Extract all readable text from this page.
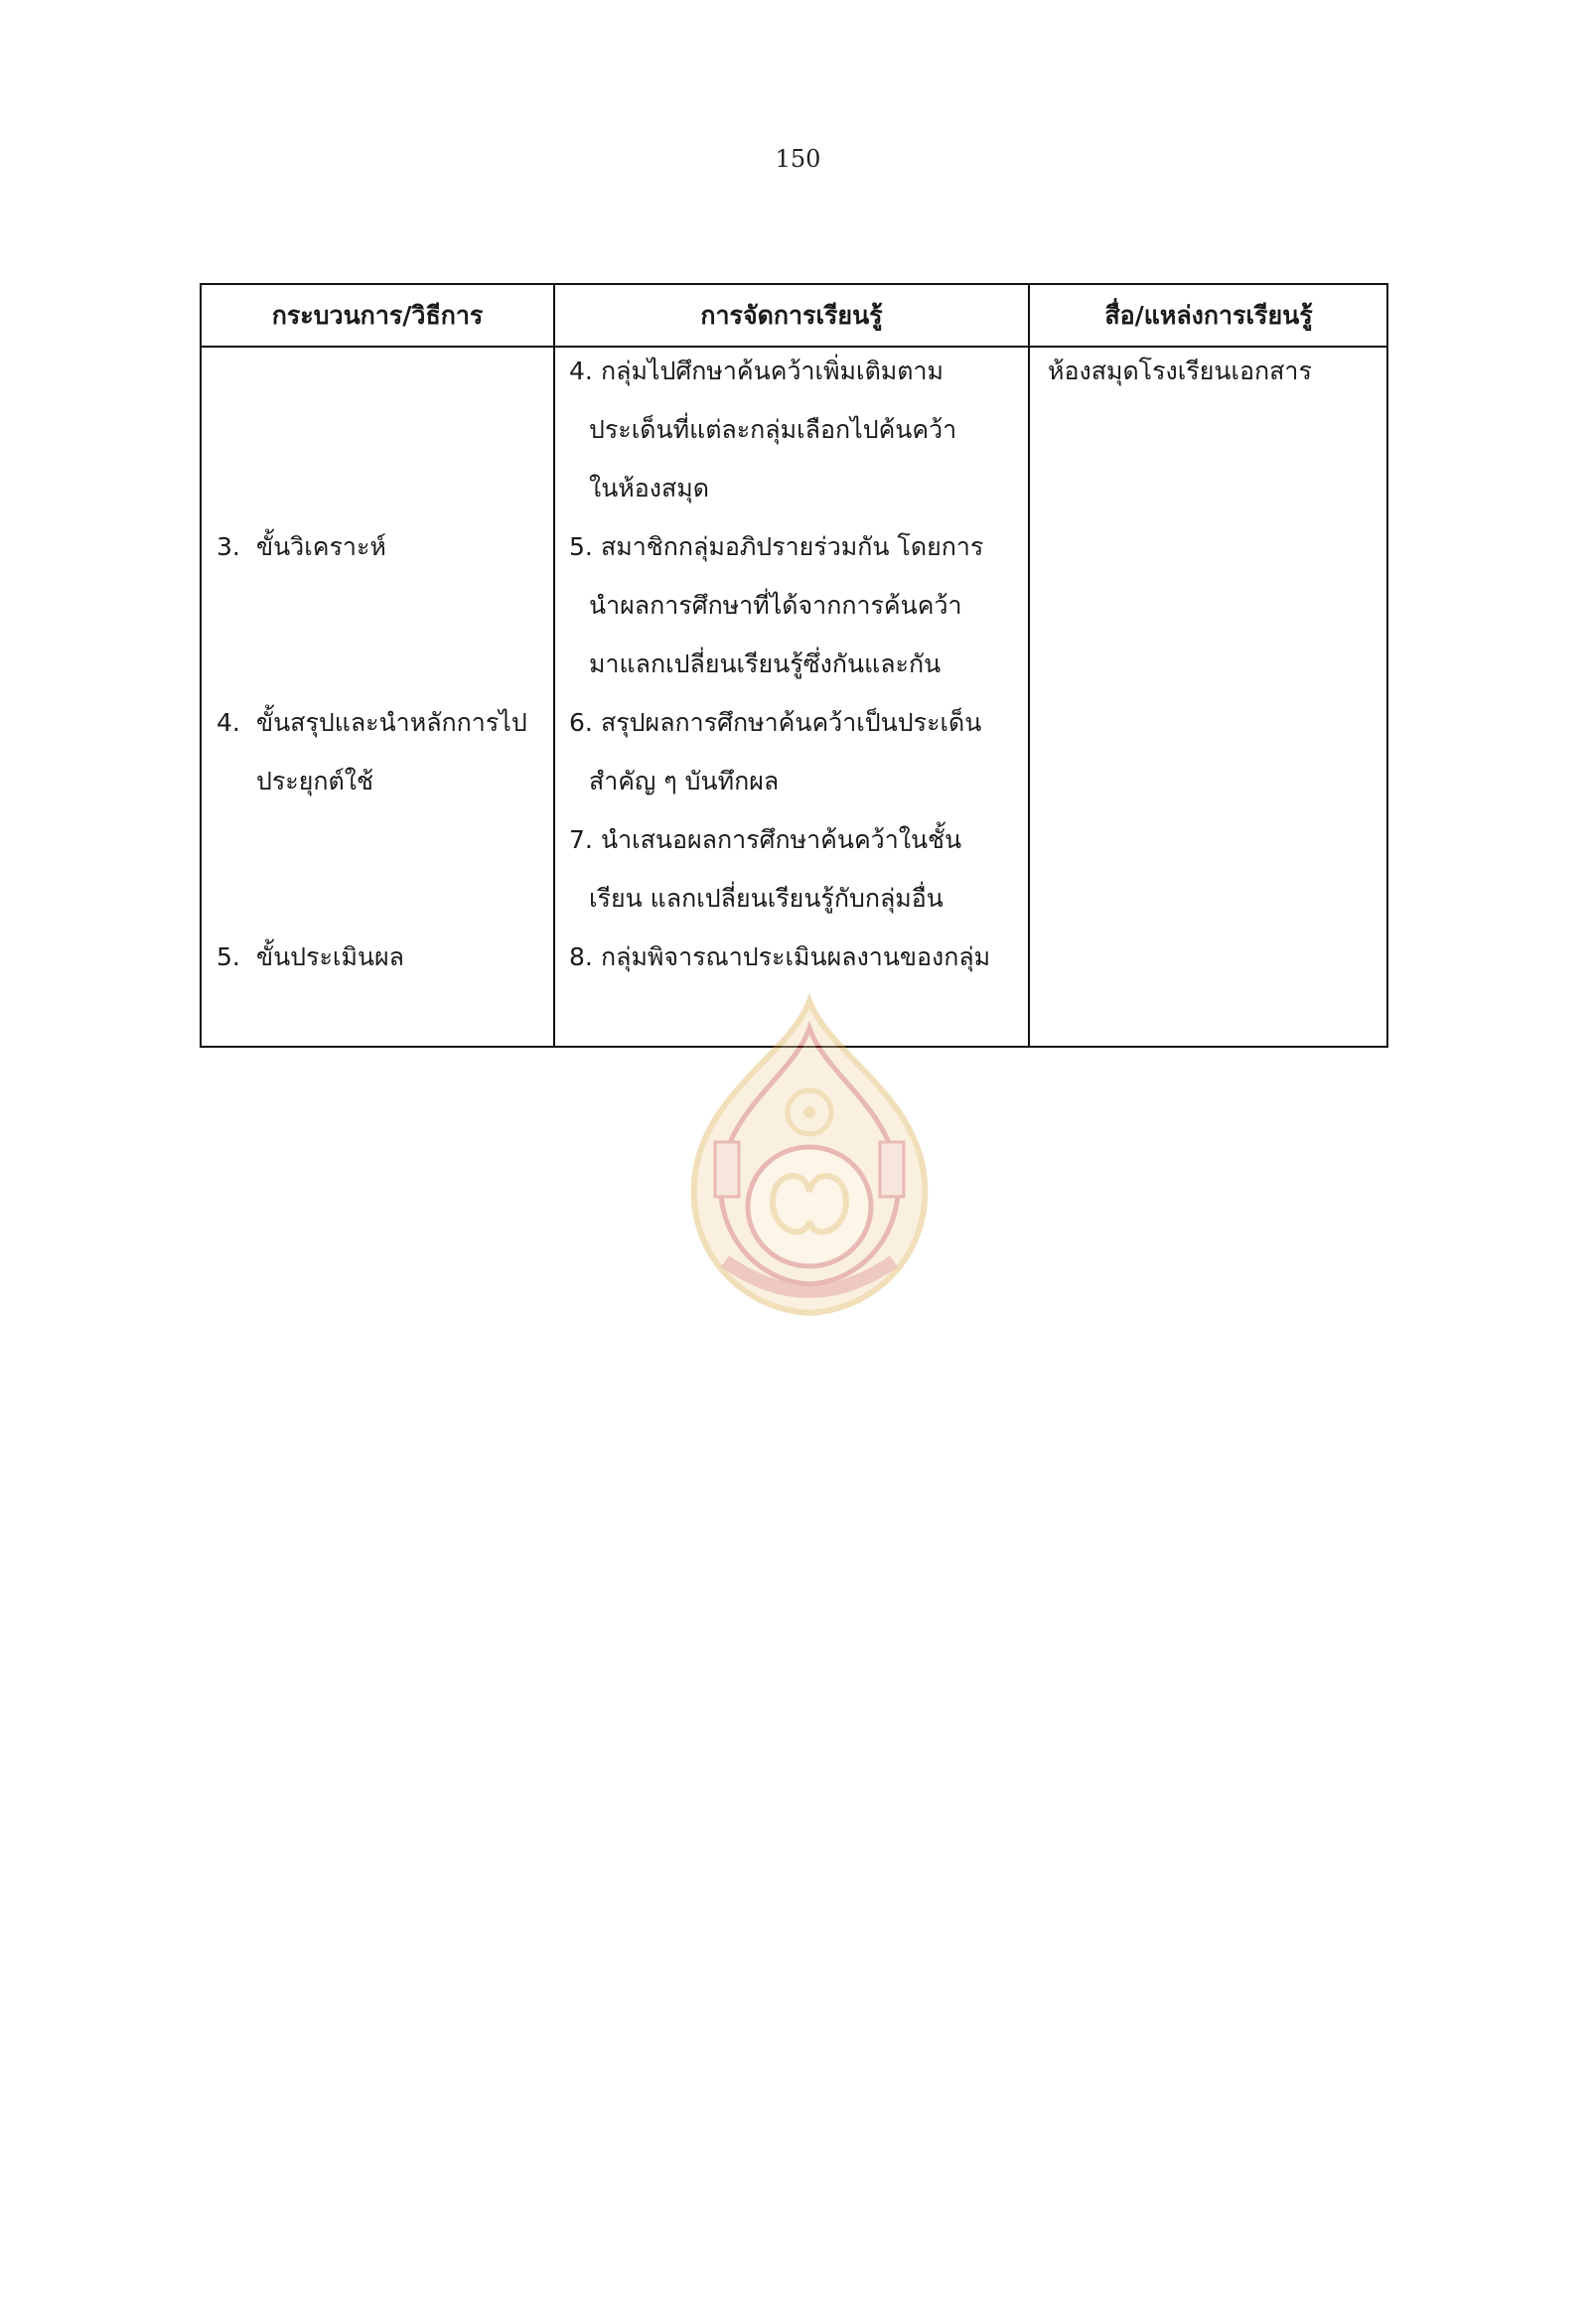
150
กระบวนการ/วิธีการ	การจัดการเรียนรู้	สื่อ/แหล่งการเรียนรู้
3. ขั้นวิเคราะห์
4. ขั้นสรุปและนำหลักการไป
ประยุกต์ใช้
5. ขั้นประเมินผล
4. กลุ่มไปศึกษาค้นคว้าเพิ่มเติมตาม
ประเด็นที่แต่ละกลุ่มเลือกไปค้นคว้า
ในห้องสมุด
5. สมาชิกกลุ่มอภิปรายร่วมกัน โดยการ
นำผลการศึกษาที่ได้จากการค้นคว้า
มาแลกเปลี่ยนเรียนรู้ซึ่งกันและกัน
6. สรุปผลการศึกษาค้นคว้าเป็นประเด็น
สำคัญ ๆ บันทึกผล
7. นำเสนอผลการศึกษาค้นคว้าในชั้น
เรียน แลกเปลี่ยนเรียนรู้กับกลุ่มอื่น
8. กลุ่มพิจารณาประเมินผลงานของกลุ่ม
ห้องสมุดโรงเรียนเอกสาร
